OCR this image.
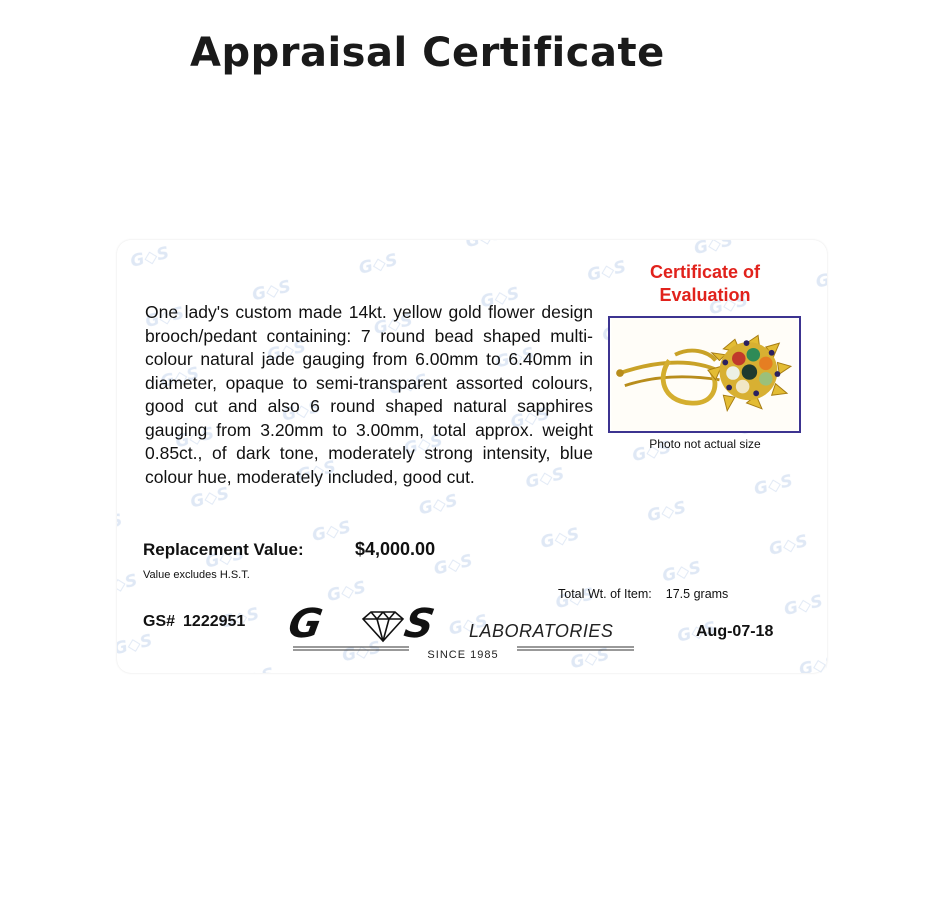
Appraisal Certificate
Certificate of
Evaluation
One lady's custom made 14kt. yellow gold flower design brooch/pedant containing: 7 round bead shaped multi-colour natural jade gauging from 6.00mm to 6.40mm in diameter, opaque to semi-transparent assorted colours, good cut and also 6 round shaped natural sapphires gauging from 3.20mm to 3.00mm, total approx. weight 0.85ct., of dark tone, moderately strong intensity, blue colour hue, moderately included, good cut.
Photo not actual size
Replacement Value:	$4,000.00
Value excludes H.S.T.
Total Wt. of Item: 17.5 grams
GS# 1222951 G S LABORATORIES
SINCE 1985
Aug-07-18
